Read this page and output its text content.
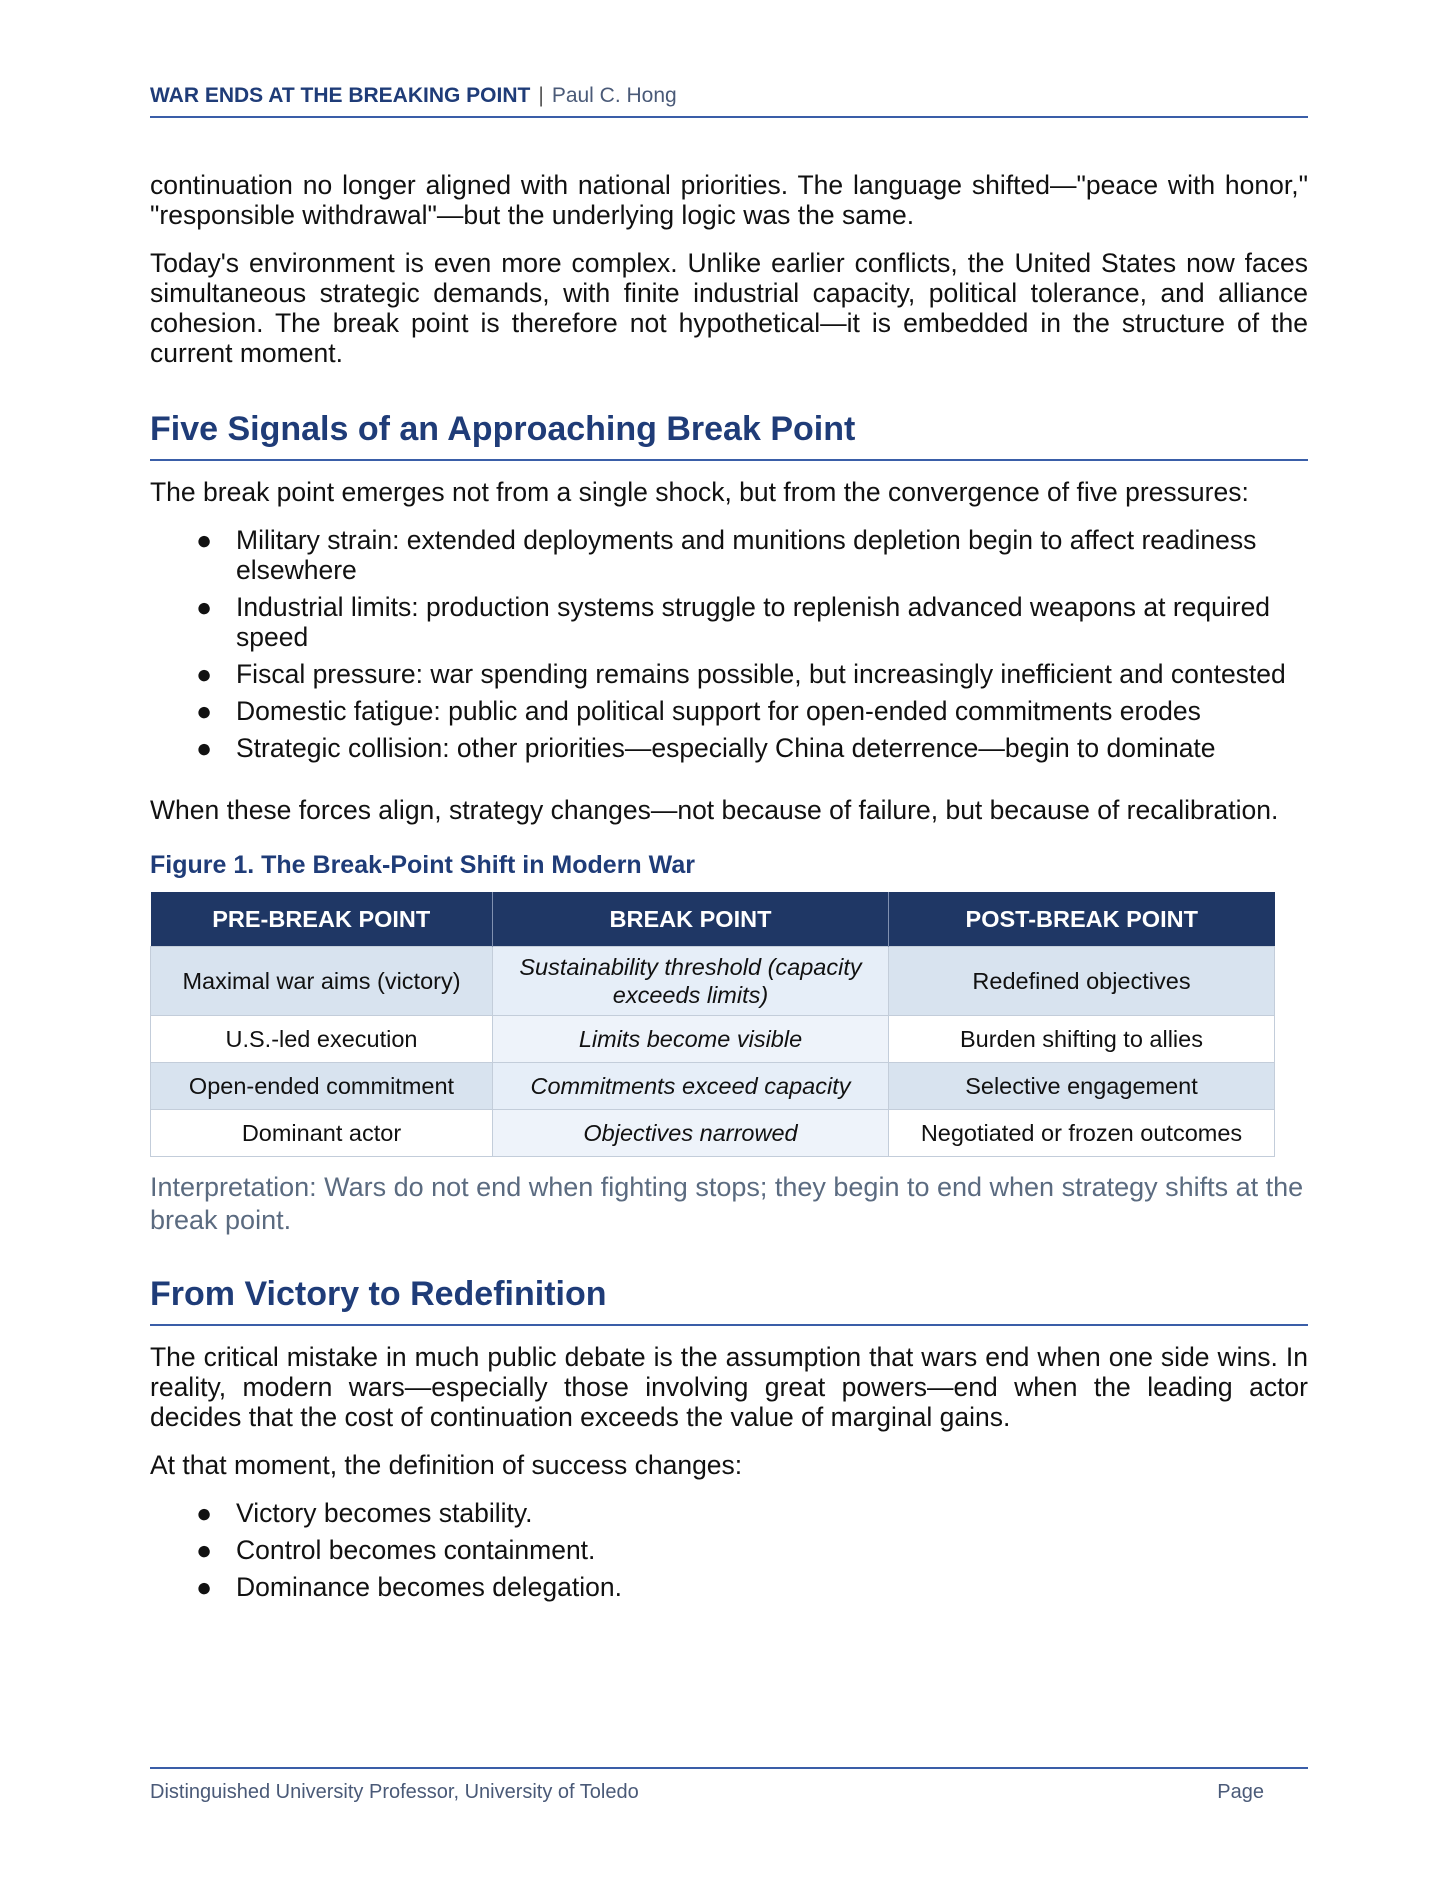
WAR ENDS AT THE BREAKING POINT | Paul C. Hong

continuation no longer aligned with national priorities. The language shifted—"peace with honor," "responsible withdrawal"—but the underlying logic was the same.

Today's environment is even more complex. Unlike earlier conflicts, the United States now faces simultaneous strategic demands, with finite industrial capacity, political tolerance, and alliance cohesion. The break point is therefore not hypothetical—it is embedded in the structure of the current moment.

Five Signals of an Approaching Break Point

The break point emerges not from a single shock, but from the convergence of five pressures:

● Military strain: extended deployments and munitions depletion begin to affect readiness elsewhere
● Industrial limits: production systems struggle to replenish advanced weapons at required speed
● Fiscal pressure: war spending remains possible, but increasingly inefficient and contested
● Domestic fatigue: public and political support for open-ended commitments erodes
● Strategic collision: other priorities—especially China deterrence—begin to dominate

When these forces align, strategy changes—not because of failure, but because of recalibration.

Figure 1. The Break-Point Shift in Modern War
PRE-BREAK POINT	BREAK POINT	POST-BREAK POINT
Maximal war aims (victory)	Sustainability threshold (capacity exceeds limits)	Redefined objectives
U.S.-led execution	Limits become visible	Burden shifting to allies
Open-ended commitment	Commitments exceed capacity	Selective engagement
Dominant actor	Objectives narrowed	Negotiated or frozen outcomes

Interpretation: Wars do not end when fighting stops; they begin to end when strategy shifts at the break point.

From Victory to Redefinition

The critical mistake in much public debate is the assumption that wars end when one side wins. In reality, modern wars—especially those involving great powers—end when the leading actor decides that the cost of continuation exceeds the value of marginal gains.

At that moment, the definition of success changes:

● Victory becomes stability.
● Control becomes containment.
● Dominance becomes delegation.
Distinguished University Professor, University of Toledo	Page
